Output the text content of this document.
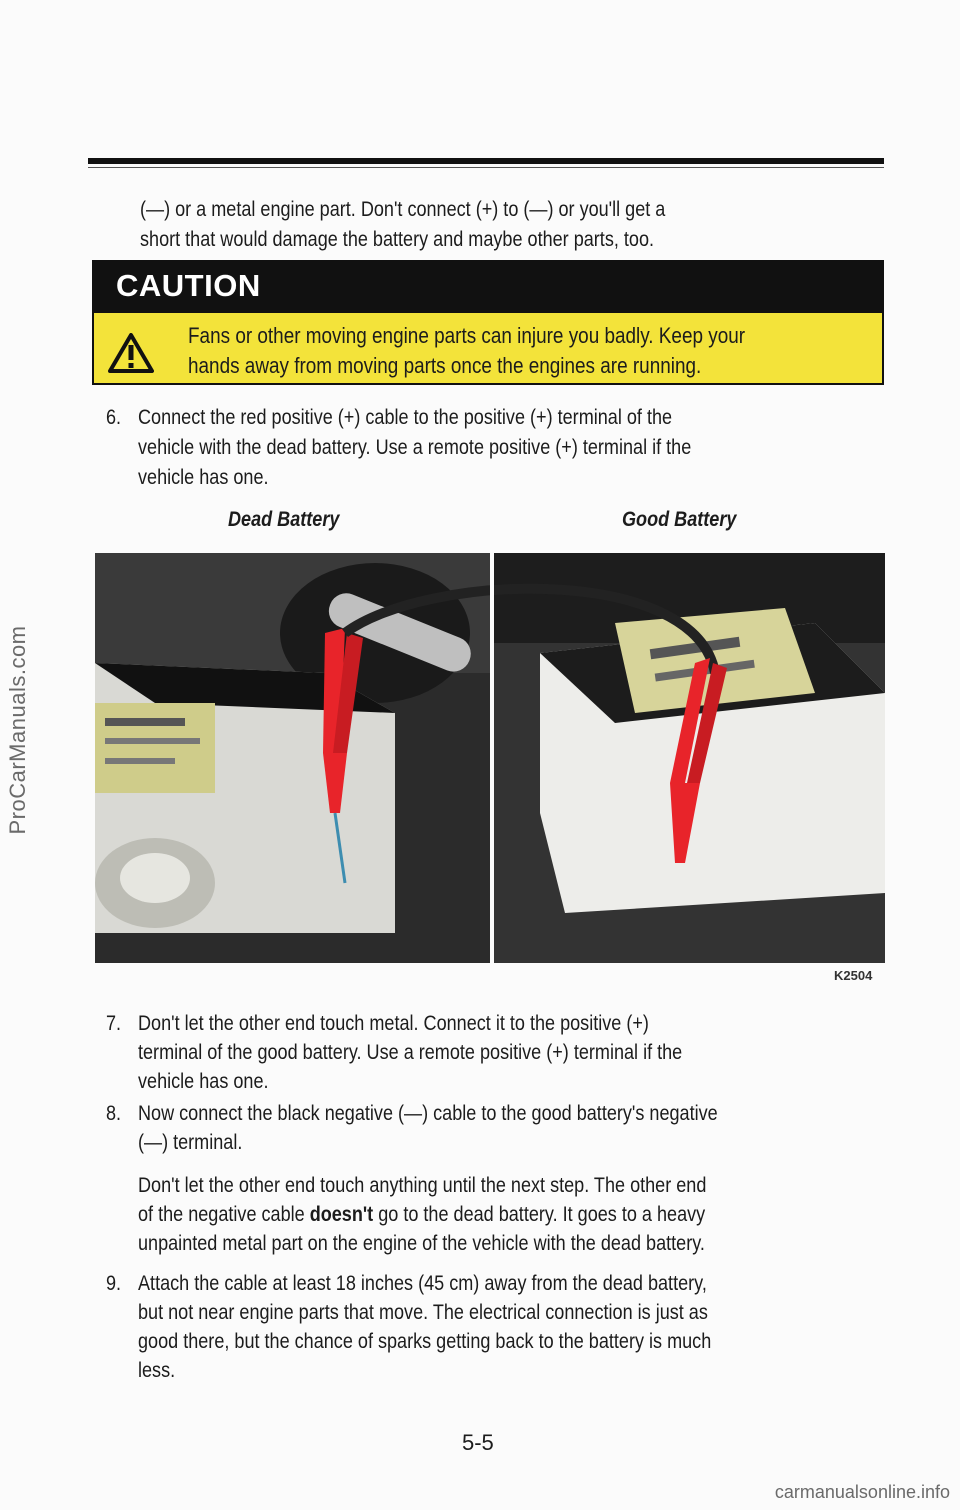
ProCarManuals.com

(—) or a metal engine part. Don't connect (+) to (—) or you'll get a

short that would damage the battery and maybe other parts, too.

CAUTION

Fans or other moving engine parts can injure you badly. Keep your
hands away from moving parts once the engines are running.

6. Connect the red positive (+) cable to the positive (+) terminal of the

vehicle with the dead battery. Use a remote positive (+) terminal if the

vehicle has one.

Dead Battery	Good Battery
K2504
7. Don't let the other end touch metal. Connect it to the positive (+)

terminal of the good battery. Use a remote positive (+) terminal if the

vehicle has one.

8. Now connect the black negative (—) cable to the good battery's negative

(—) terminal.

Don't let the other end touch anything until the next step. The other end

of the negative cable doesn't go to the dead battery. It goes to a heavy

unpainted metal part on the engine of the vehicle with the dead battery.

9. Attach the cable at least 18 inches (45 cm) away from the dead battery,

but not near engine parts that move. The electrical connection is just as

good there, but the chance of sparks getting back to the battery is much

less.

5-5
carmanualsonline.info
